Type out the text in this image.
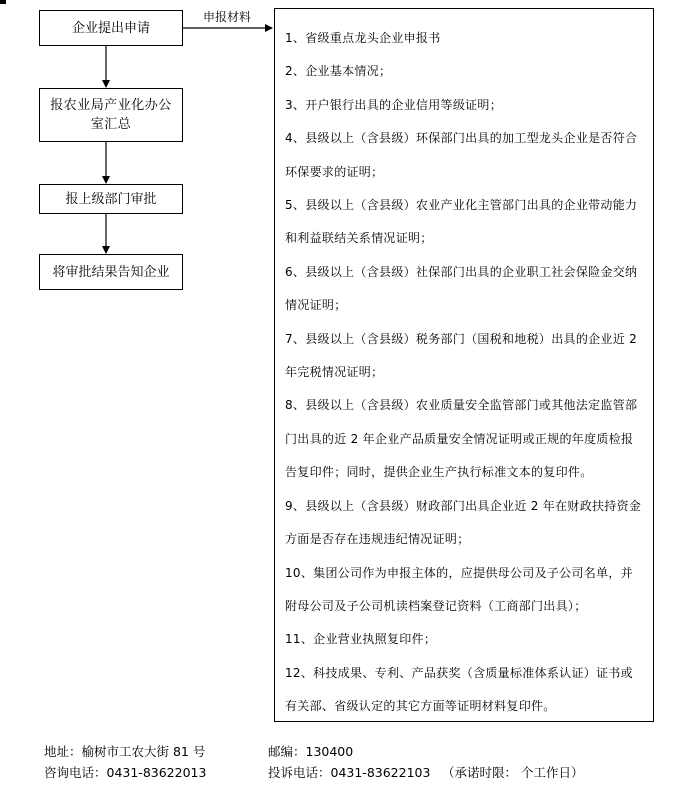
企业提出申请
报农业局产业化办公室汇总
报上级部门审批
将审批结果告知企业
申报材料
1、省级重点龙头企业申报书
2、企业基本情况；
3、开户银行出具的企业信用等级证明；
4、县级以上（含县级）环保部门出具的加工型龙头企业是否符合环保要求的证明；
5、县级以上（含县级）农业产业化主管部门出具的企业带动能力和利益联结关系情况证明；
6、县级以上（含县级）社保部门出具的企业职工社会保险金交纳情况证明；
7、县级以上（含县级）税务部门（国税和地税）出具的企业近 2 年完税情况证明；
8、县级以上（含县级）农业质量安全监管部门或其他法定监管部门出具的近 2 年企业产品质量安全情况证明或正规的年度质检报告复印件；同时，提供企业生产执行标准文本的复印件。
9、县级以上（含县级）财政部门出具企业近 2 年在财政扶持资金方面是否存在违规违纪情况证明；
10、集团公司作为申报主体的，应提供母公司及子公司名单，并附母公司及子公司机读档案登记资料（工商部门出具）；
11、企业营业执照复印件；
12、科技成果、专利、产品获奖（含质量标准体系认证）证书或有关部、省级认定的其它方面等证明材料复印件。
地址：榆树市工农大街 81 号	邮编：130400
咨询电话：0431-83622013	投诉电话：0431-83622103 （承诺时限： 个工作日）
